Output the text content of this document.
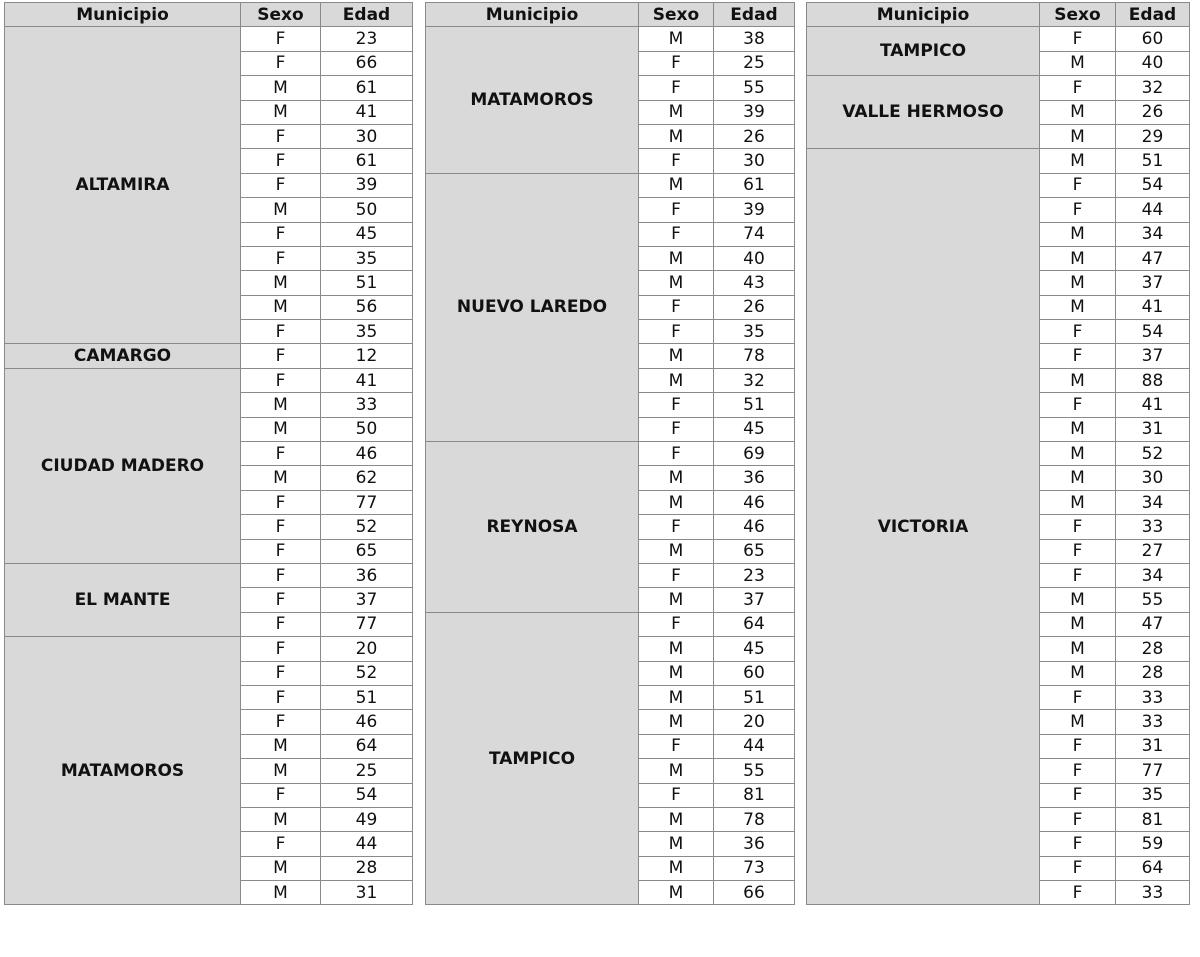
Municipio	Sexo	Edad
ALTAMIRA	F	23
	F	66
	M	61
	M	41
	F	30
	F	61
	F	39
	M	50
	F	45
	F	35
	M	51
	M	56
	F	35
CAMARGO	F	12
CIUDAD MADERO	F	41
	M	33
	M	50
	F	46
	M	62
	F	77
	F	52
	F	65
EL MANTE	F	36
	F	37
	F	77
MATAMOROS	F	20
	F	52
	F	51
	F	46
	M	64
	M	25
	F	54
	M	49
	F	44
	M	28
	M	31
Municipio	Sexo	Edad
MATAMOROS	M	38
	F	25
	F	55
	M	39
	M	26
	F	30
NUEVO LAREDO	M	61
	F	39
	F	74
	M	40
	M	43
	F	26
	F	35
	M	78
	M	32
	F	51
	F	45
REYNOSA	F	69
	M	36
	M	46
	F	46
	M	65
	F	23
	M	37
TAMPICO	F	64
	M	45
	M	60
	M	51
	M	20
	F	44
	M	55
	F	81
	M	78
	M	36
	M	73
	M	66
Municipio	Sexo	Edad
TAMPICO	F	60
	M	40
VALLE HERMOSO	F	32
	M	26
	M	29
VICTORIA	M	51
	F	54
	F	44
	M	34
	M	47
	M	37
	M	41
	F	54
	F	37
	M	88
	F	41
	M	31
	M	52
	M	30
	M	34
	F	33
	F	27
	F	34
	M	55
	M	47
	M	28
	M	28
	F	33
	M	33
	F	31
	F	77
	F	35
	F	81
	F	59
	F	64
	F	33
